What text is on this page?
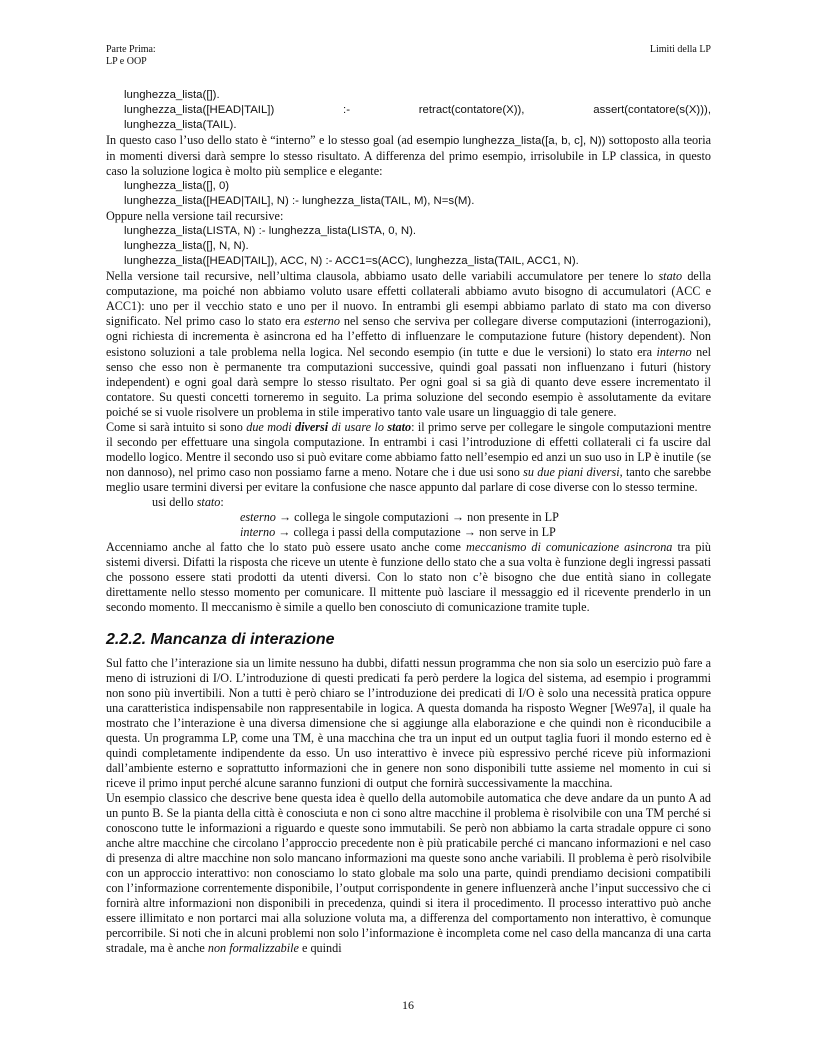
Parte Prima:
LP e OOP
Limiti della LP
lunghezza_lista([]).
lunghezza_lista([HEAD|TAIL])	:-	retract(contatore(X)),	assert(contatore(s(X))),
lunghezza_lista(TAIL).

In questo caso l’uso dello stato è “interno” e lo stesso goal (ad esempio lunghezza_lista([a, b, c], N)) sottoposto alla teoria in momenti diversi darà sempre lo stesso risultato. A differenza del primo esempio, irrisolubile in LP classica, in questo caso la soluzione logica è molto più semplice e elegante:

lunghezza_lista([], 0)
lunghezza_lista([HEAD|TAIL], N) :- lunghezza_lista(TAIL, M), N=s(M).

Oppure nella versione tail recursive:

lunghezza_lista(LISTA, N) :- lunghezza_lista(LISTA, 0, N).
lunghezza_lista([], N, N).
lunghezza_lista([HEAD|TAIL]), ACC, N) :- ACC1=s(ACC), lunghezza_lista(TAIL, ACC1, N).

Nella versione tail recursive, nell’ultima clausola, abbiamo usato delle variabili accumulatore per tenere lo stato della computazione, ma poiché non abbiamo voluto usare effetti collaterali abbiamo avuto bisogno di accumulatori (ACC e ACC1): uno per il vecchio stato e uno per il nuovo. In entrambi gli esempi abbiamo parlato di stato ma con diverso significato. Nel primo caso lo stato era esterno nel senso che serviva per collegare diverse computazioni (interrogazioni), ogni richiesta di incrementa è asincrona ed ha l’effetto di influenzare le computazione future (history dependent). Non esistono soluzioni a tale problema nella logica. Nel secondo esempio (in tutte e due le versioni) lo stato era interno nel senso che esso non è permanente tra computazioni successive, quindi goal passati non influenzano i futuri (history independent) e ogni goal darà sempre lo stesso risultato. Per ogni goal si sa già di quanto deve essere incrementato il contatore. Su questi concetti torneremo in seguito. La prima soluzione del secondo esempio è assolutamente da evitare poiché se si vuole risolvere un problema in stile imperativo tanto vale usare un linguaggio di tale genere.

Come si sarà intuito si sono due modi diversi di usare lo stato: il primo serve per collegare le singole computazioni mentre il secondo per effettuare una singola computazione. In entrambi i casi l’introduzione di effetti collaterali ci fa uscire dal modello logico. Mentre il secondo uso si può evitare come abbiamo fatto nell’esempio ed anzi un suo uso in LP è inutile (se non dannoso), nel primo caso non possiamo farne a meno. Notare che i due usi sono su due piani diversi, tanto che sarebbe meglio usare termini diversi per evitare la confusione che nasce appunto dal parlare di cose diverse con lo stesso termine.

usi dello stato:
esterno → collega le singole computazioni → non presente in LP
interno → collega i passi della computazione → non serve in LP

Accenniamo anche al fatto che lo stato può essere usato anche come meccanismo di comunicazione asincrona tra più sistemi diversi. Difatti la risposta che riceve un utente è funzione dello stato che a sua volta è funzione degli ingressi passati che possono essere stati prodotti da utenti diversi. Con lo stato non c’è bisogno che due entità siano in collegate direttamente nello stesso momento per comunicare. Il mittente può lasciare il messaggio ed il ricevente prenderlo in un secondo momento. Il meccanismo è simile a quello ben conosciuto di comunicazione tramite tuple.

2.2.2. Mancanza di interazione

Sul fatto che l’interazione sia un limite nessuno ha dubbi, difatti nessun programma che non sia solo un esercizio può fare a meno di istruzioni di I/O. L’introduzione di questi predicati fa però perdere la logica del sistema, ad esempio i programmi non sono più invertibili. Non a tutti è però chiaro se l’introduzione dei predicati di I/O è solo una necessità pratica oppure una caratteristica indispensabile non rappresentabile in logica. A questa domanda ha risposto Wegner [We97a], il quale ha mostrato che l’interazione è una diversa dimensione che si aggiunge alla elaborazione e che quindi non è riconducibile a questa. Un programma LP, come una TM, è una macchina che tra un input ed un output taglia fuori il mondo esterno ed è quindi completamente indipendente da esso. Un uso interattivo è invece più espressivo perché riceve più informazioni dall’ambiente esterno e soprattutto informazioni che in genere non sono disponibili tutte assieme nel momento in cui si riceve il primo input perché alcune saranno funzioni di output che fornirà successivamente la macchina.

Un esempio classico che descrive bene questa idea è quello della automobile automatica che deve andare da un punto A ad un punto B. Se la pianta della città è conosciuta e non ci sono altre macchine il problema è risolvibile con una TM perché si conoscono tutte le informazioni a riguardo e queste sono immutabili. Se però non abbiamo la carta stradale oppure ci sono anche altre macchine che circolano l’approccio precedente non è più praticabile perché ci mancano informazioni e nel caso di presenza di altre macchine non solo mancano informazioni ma queste sono anche variabili. Il problema è però risolvibile con un approccio interattivo: non conosciamo lo stato globale ma solo una parte, quindi prendiamo decisioni compatibili con l’informazione correntemente disponibile, l’output corrispondente in genere influenzerà anche l’input successivo che ci fornirà altre informazioni non disponibili in precedenza, quindi si itera il procedimento. Il processo interattivo può anche essere illimitato e non portarci mai alla soluzione voluta ma, a differenza del comportamento non interattivo, è comunque percorribile. Si noti che in alcuni problemi non solo l’informazione è incompleta come nel caso della mancanza di una carta stradale, ma è anche non formalizzabile e quindi

16
